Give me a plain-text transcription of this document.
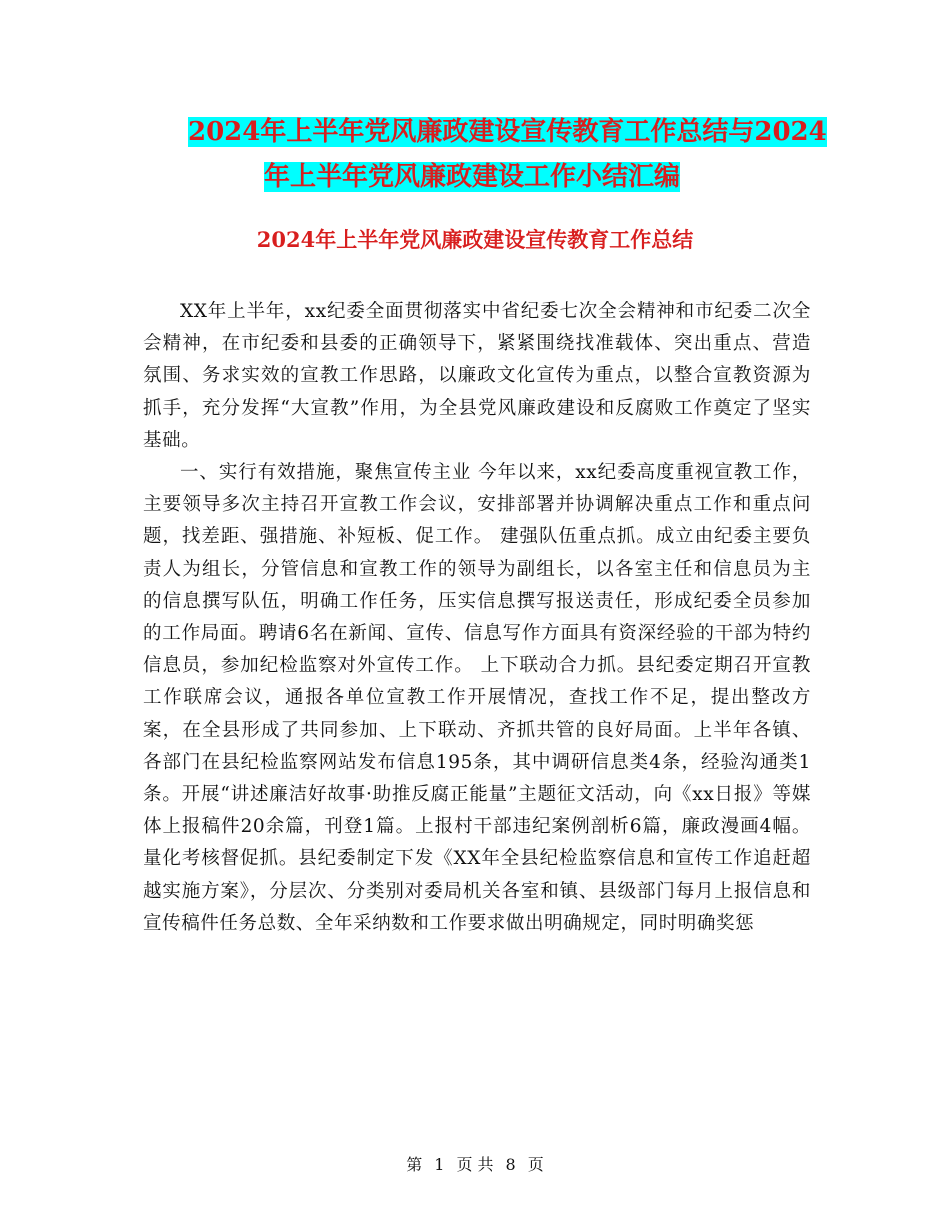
2024年上半年党风廉政建设宣传教育工作总结与2024
年上半年党风廉政建设工作小结汇编
2024年上半年党风廉政建设宣传教育工作总结

XX年上半年，xx纪委全面贯彻落实中省纪委七次全会精神和市纪委二次全会精神，在市纪委和县委的正确领导下，紧紧围绕找准载体、突出重点、营造氛围、务求实效的宣教工作思路，以廉政文化宣传为重点，以整合宣教资源为抓手，充分发挥“大宣教”作用，为全县党风廉政建设和反腐败工作奠定了坚实基础。

一、实行有效措施，聚焦宣传主业 今年以来，xx纪委高度重视宣教工作，主要领导多次主持召开宣教工作会议，安排部署并协调解决重点工作和重点问题，找差距、强措施、补短板、促工作。 建强队伍重点抓。成立由纪委主要负责人为组长，分管信息和宣教工作的领导为副组长，以各室主任和信息员为主的信息撰写队伍，明确工作任务，压实信息撰写报送责任，形成纪委全员参加的工作局面。聘请6名在新闻、宣传、信息写作方面具有资深经验的干部为特约信息员，参加纪检监察对外宣传工作。 上下联动合力抓。县纪委定期召开宣教工作联席会议，通报各单位宣教工作开展情况，查找工作不足，提出整改方案，在全县形成了共同参加、上下联动、齐抓共管的良好局面。上半年各镇、各部门在县纪检监察网站发布信息195条，其中调研信息类4条，经验沟通类1条。开展“讲述廉洁好故事·助推反腐正能量”主题征文活动，向《xx日报》等媒体上报稿件20余篇，刊登1篇。上报村干部违纪案例剖析6篇，廉政漫画4幅。 量化考核督促抓。县纪委制定下发《XX年全县纪检监察信息和宣传工作追赶超越实施方案》，分层次、分类别对委局机关各室和镇、县级部门每月上报信息和宣传稿件任务总数、全年采纳数和工作要求做出明确规定，同时明确奖惩

第 1 页 共 8 页
